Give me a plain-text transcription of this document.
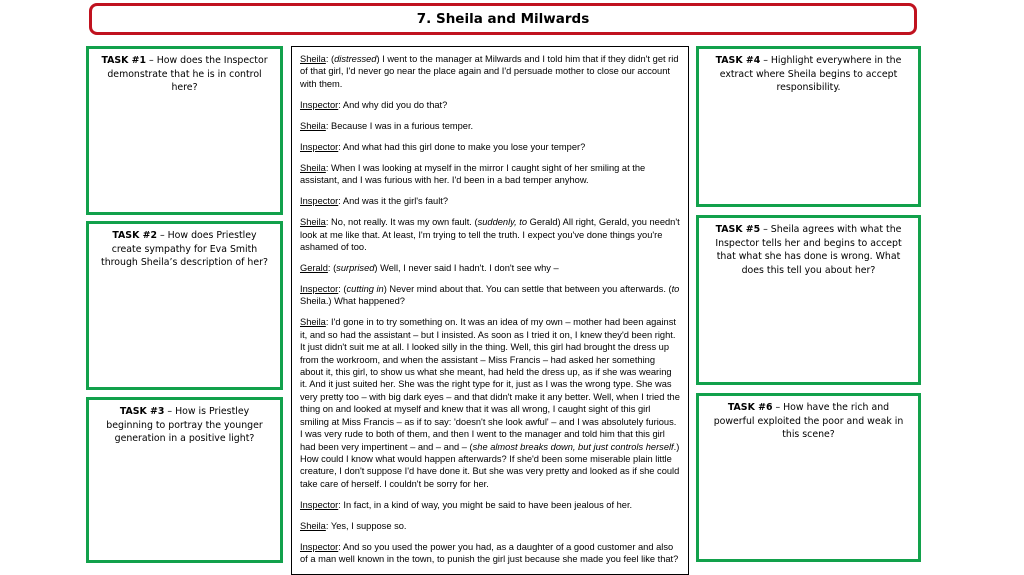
7. Sheila and Milwards
TASK #1 – How does the Inspector demonstrate that he is in control here?
TASK #2 – How does Priestley create sympathy for Eva Smith through Sheila’s description of her?
TASK #3 – How is Priestley beginning to portray the younger generation in a positive light?

Sheila: (distressed) I went to the manager at Milwards and I told him that if they didn't get rid of that girl, I'd never go near the place again and I'd persuade mother to close our account with them.

Inspector: And why did you do that?

Sheila: Because I was in a furious temper.

Inspector: And what had this girl done to make you lose your temper?

Sheila: When I was looking at myself in the mirror I caught sight of her smiling at the assistant, and I was furious with her. I'd been in a bad temper anyhow.

Inspector: And was it the girl's fault?

Sheila: No, not really. It was my own fault. (suddenly, to Gerald) All right, Gerald, you needn't look at me like that. At least, I'm trying to tell the truth. I expect you've done things you're ashamed of too.

Gerald: (surprised) Well, I never said I hadn't. I don't see why –

Inspector: (cutting in) Never mind about that. You can settle that between you afterwards. (to Sheila.) What happened?

Sheila: I'd gone in to try something on. It was an idea of my own – mother had been against it, and so had the assistant – but I insisted. As soon as I tried it on, I knew they'd been right. It just didn't suit me at all. I looked silly in the thing. Well, this girl had brought the dress up from the workroom, and when the assistant – Miss Francis – had asked her something about it, this girl, to show us what she meant, had held the dress up, as if she was wearing it. And it just suited her. She was the right type for it, just as I was the wrong type. She was very pretty too – with big dark eyes – and that didn't make it any better. Well, when I tried the thing on and looked at myself and knew that it was all wrong, I caught sight of this girl smiling at Miss Francis – as if to say: 'doesn't she look awful' – and I was absolutely furious. I was very rude to both of them, and then I went to the manager and told him that this girl had been very impertinent – and – and – (she almost breaks down, but just controls herself.) How could I know what would happen afterwards? If she'd been some miserable plain little creature, I don't suppose I'd have done it. But she was very pretty and looked as if she could take care of herself. I couldn't be sorry for her.

Inspector: In fact, in a kind of way, you might be said to have been jealous of her.

Sheila: Yes, I suppose so.

Inspector: And so you used the power you had, as a daughter of a good customer and also of a man well known in the town, to punish the girl just because she made you feel like that?

TASK #4 – Highlight everywhere in the extract where Sheila begins to accept responsibility.
TASK #5 – Sheila agrees with what the Inspector tells her and begins to accept that what she has done is wrong. What does this tell you about her?
TASK #6 – How have the rich and powerful exploited the poor and weak in this scene?
